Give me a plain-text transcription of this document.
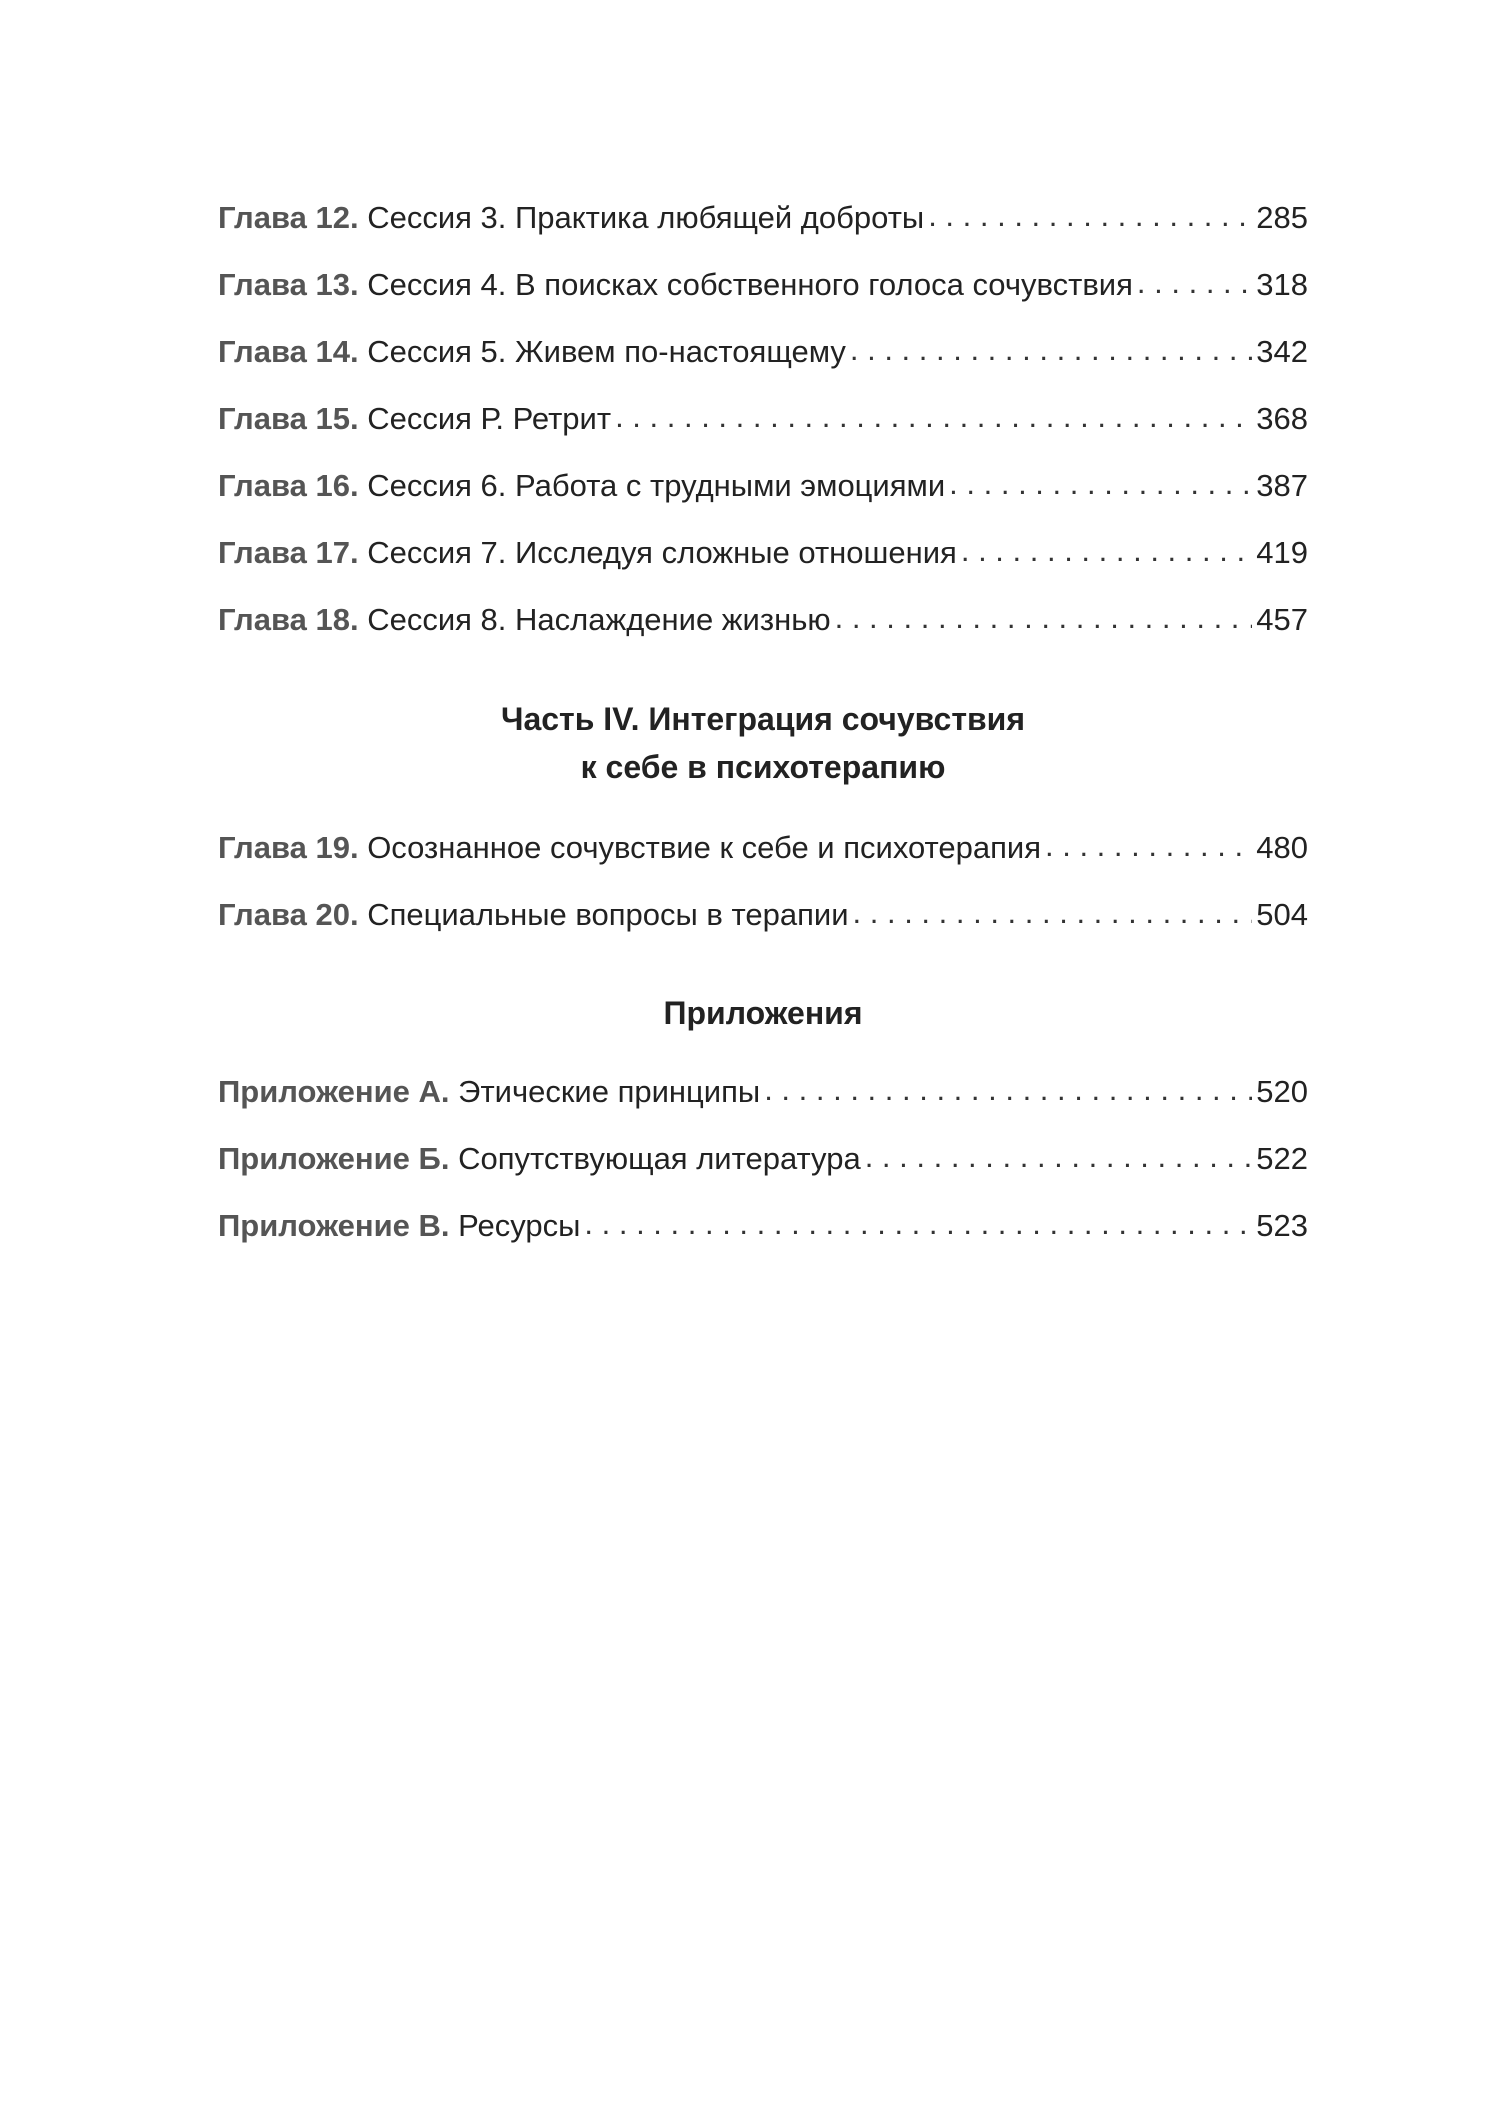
Глава 12. Сессия 3. Практика любящей доброты . . .	285
Глава 13. Сессия 4. В поисках собственного голоса сочувствия . . .	318
Глава 14. Сессия 5. Живем по-настоящему . . .	342
Глава 15. Сессия Р. Ретрит . . .	368
Глава 16. Сессия 6. Работа с трудными эмоциями . . .	387
Глава 17. Сессия 7. Исследуя сложные отношения . . .	419
Глава 18. Сессия 8. Наслаждение жизнью . . .	457
Часть IV. Интеграция сочувствия
к себе в психотерапию
Глава 19. Осознанное сочувствие к себе и психотерапия . . .	480
Глава 20. Специальные вопросы в терапии . . .	504
Приложения
Приложение А. Этические принципы . . .	520
Приложение Б. Сопутствующая литература . . .	522
Приложение В. Ресурсы . . .	523
